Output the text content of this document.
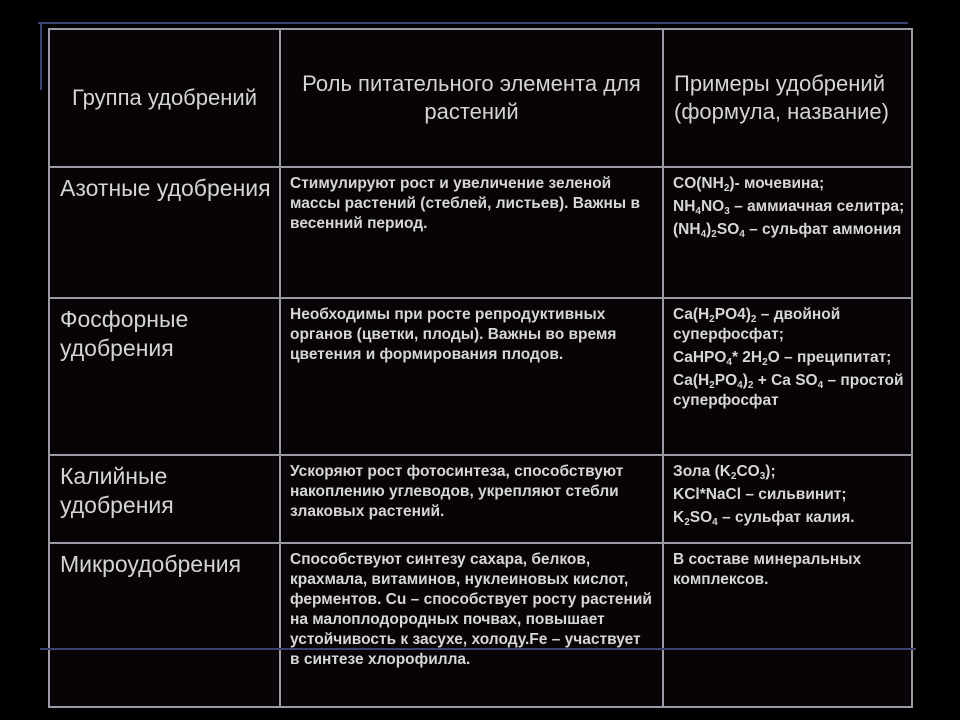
Группа удобрений
Роль питательного элемента для растений
Примеры удобрений (формула, название)
Азотные удобрения	Стимулируют рост и увеличение зеленой массы растений (стеблей, листьев). Важны в весенний период.

$CO(NH_2)-$ мочевина;

$NH_4NO_3$ – аммиачная селитра;

$(NH_4)_2SO_4$ – сульфат аммония

Фосфорные удобрения
Необходимы при росте репродуктивных органов (цветки, плоды). Важны во время цветения и формирования плодов.

$Ca(H_2PO4)_2$ – двойной суперфосфат;

CaHPO$_4$* $2H_2O$ – преципитат;

$Ca(H_2PO_4)_2 + Ca$ $SO_4$ – простой суперфосфат

Калийные удобрения
Ускоряют рост фотосинтеза, способствуют накоплению углеводов, укрепляют стебли злаковых растений.

Зола $(K_2CO_3)$;

KCl*NaCl – сильвинит;

$K_2SO_4$ – сульфат калия.

Микроудобрения	Способствуют синтезу сахара, белков, крахмала, витаминов, нуклеиновых кислот, ферментов. Cu – способствует росту растений на малоплодородных почвах, повышает устойчивость к засухе, холоду.Fe – участвует в синтезе хлорофилла.

В составе минеральных комплексов.
